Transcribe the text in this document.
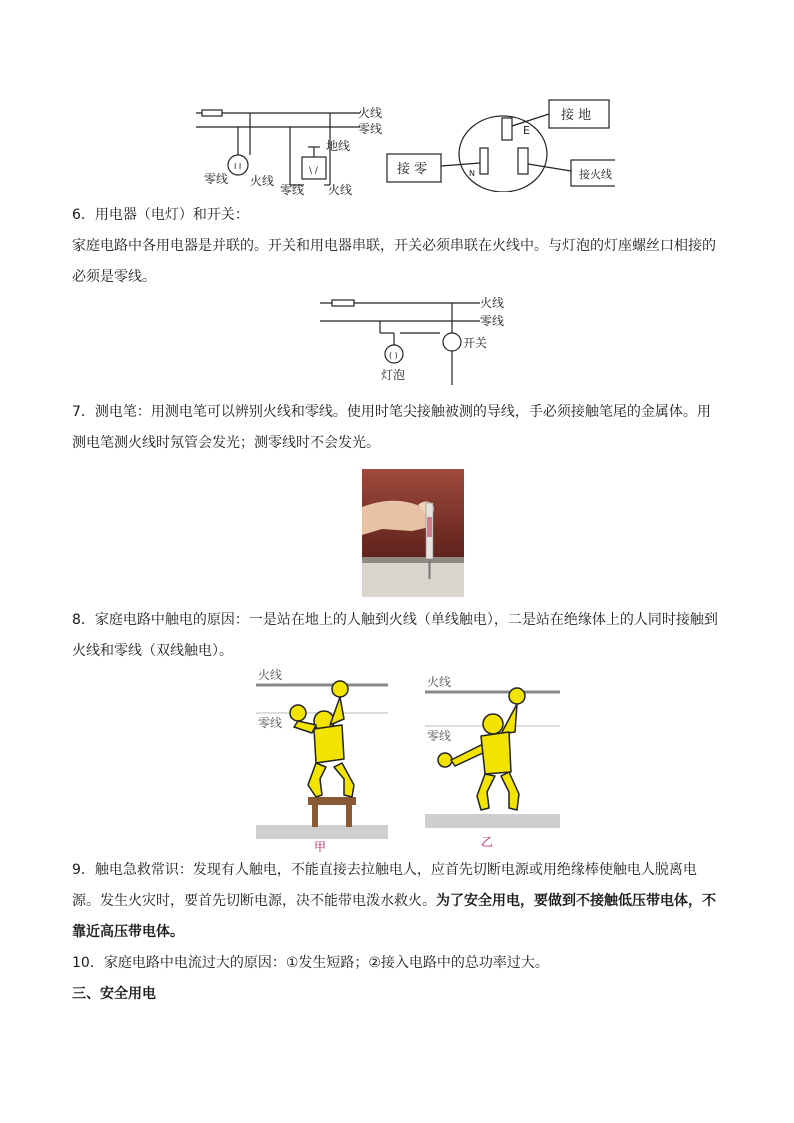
I I	\ /
火线
零线
地线
零线 火线
零线 火线
E
N
接 地
接 零	接火线

6．用电器（电灯）和开关：

家庭电路中各用电器是并联的。开关和用电器串联，开关必须串联在火线中。与灯泡的灯座螺丝口相接的必须是零线。

( )
火线
零线
开关
灯泡

7．测电笔：用测电笔可以辨别火线和零线。使用时笔尖接触被测的导线，手必须接触笔尾的金属体。用测电笔测火线时氖管会发光；测零线时不会发光。

8．家庭电路中触电的原因：一是站在地上的人触到火线（单线触电），二是站在绝缘体上的人同时接触到火线和零线（双线触电）。

火线
零线
甲
火线
零线
乙

9．触电急救常识：发现有人触电，不能直接去拉触电人，应首先切断电源或用绝缘棒使触电人脱离电源。发生火灾时，要首先切断电源，决不能带电泼水救火。为了安全用电，要做到不接触低压带电体，不靠近高压带电体。

10．家庭电路中电流过大的原因：①发生短路；②接入电路中的总功率过大。

三、安全用电
